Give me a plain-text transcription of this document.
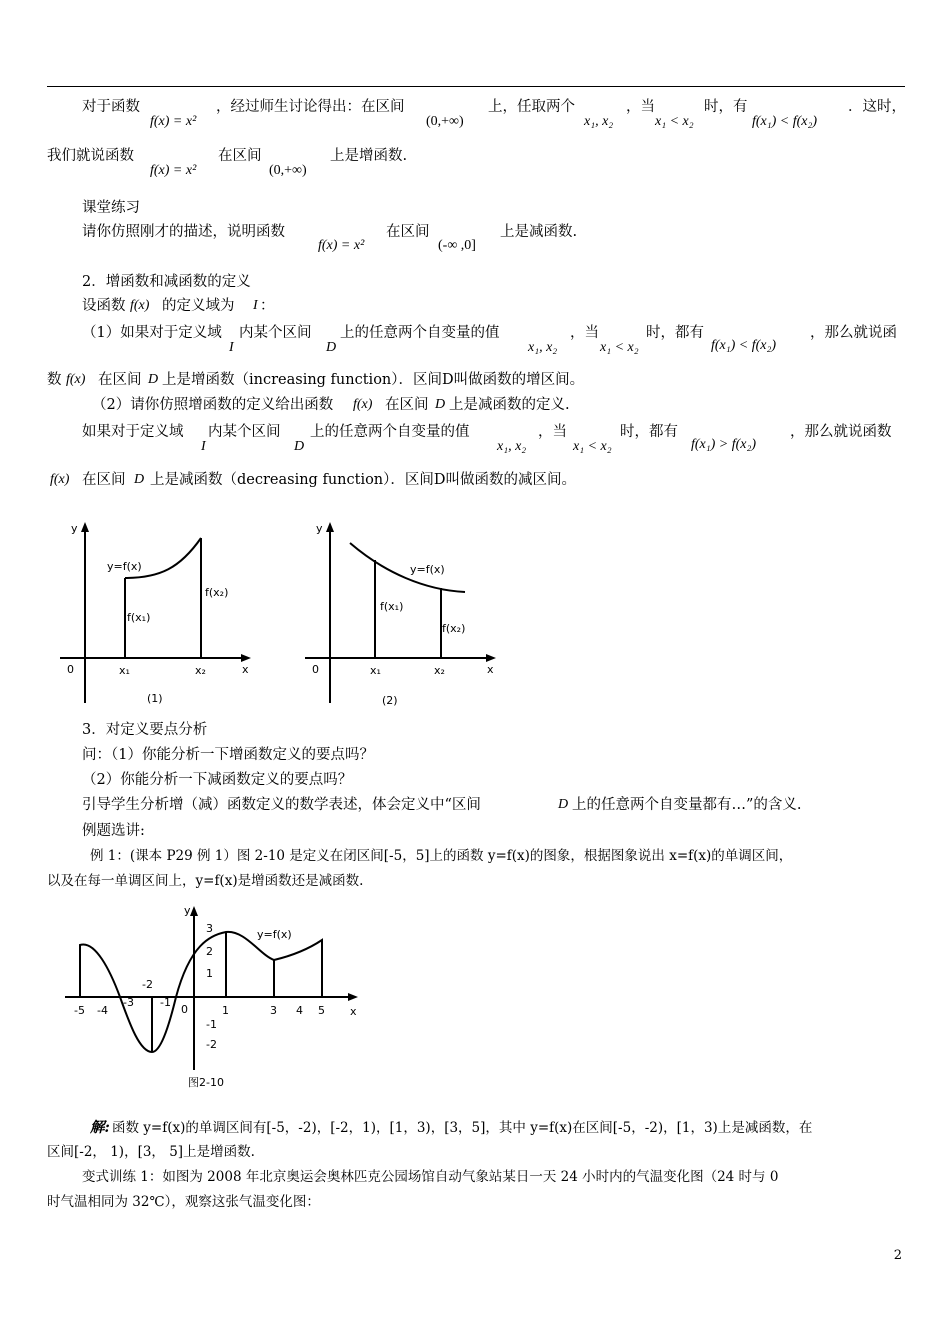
对于函数
f(x) = x²
，经过师生讨论得出：在区间
(0,+∞)
上，任取两个
x₁, x₂
，当
x₁ < x₂
时，有
f(x₁) < f(x₂)
．这时，
我们就说函数
f(x) = x²
在区间
(0,+∞)
上是增函数.
课堂练习
请你仿照刚才的描述，说明函数
f(x) = x²
在区间
(-∞ ,0]
上是减函数.
2．增函数和减函数的定义
设函数 f(x) 的定义域为 I ：
（1）如果对于定义域
I
内某个区间
D
上的任意两个自变量的值
x₁, x₂
，当
x₁ < x₂
时，都有
f(x₁) < f(x₂)
，那么就说函
数 f(x) 在区间 D 上是增函数（increasing function）．区间D叫做函数的增区间。
（2）请你仿照增函数的定义给出函数 f(x) 在区间 D 上是减函数的定义.
如果对于定义域
I
内某个区间
D
上的任意两个自变量的值
x₁, x₂
，当
x₁ < x₂
时，都有
f(x₁) > f(x₂)
，那么就说函数
f(x) 在区间 D 上是减函数（decreasing function）．区间D叫做函数的减区间。
y
x
0
y=f(x)
f(x₁)
f(x₂)
x₁	x₂
(1)
y
x
0
y=f(x)
f(x₁)
f(x₂)
x₁	x₂
(2)
3．对定义要点分析
问：（1）你能分析一下增函数定义的要点吗？
（2）你能分析一下减函数定义的要点吗？
引导学生分析增（减）函数定义的数学表述，体会定义中“区间	D 上的任意两个自变量都有…”的含义.
例题选讲:
例 1：(课本 P29 例 1）图 2-10 是定义在闭区间[-5，5]上的函数 y=f(x)的图象，根据图象说出 x=f(x)的单调区间，
以及在每一单调区间上，y=f(x)是增函数还是减函数.
y
x
0
y=f(x)
-5 -4
-3 -1
1	3 4 5
3
2
1
-1
-2
-2
图2-10
解: 函数 y=f(x)的单调区间有[-5，-2)，[-2，1)，[1，3)，[3，5]，其中 y=f(x)在区间[-5，-2)，[1，3)上是减函数，在
区间[-2， 1)，[3， 5]上是增函数.
变式训练 1：如图为 2008 年北京奥运会奥林匹克公园场馆自动气象站某日一天 24 小时内的气温变化图（24 时与 0
时气温相同为 32℃），观察这张气温变化图：
2
